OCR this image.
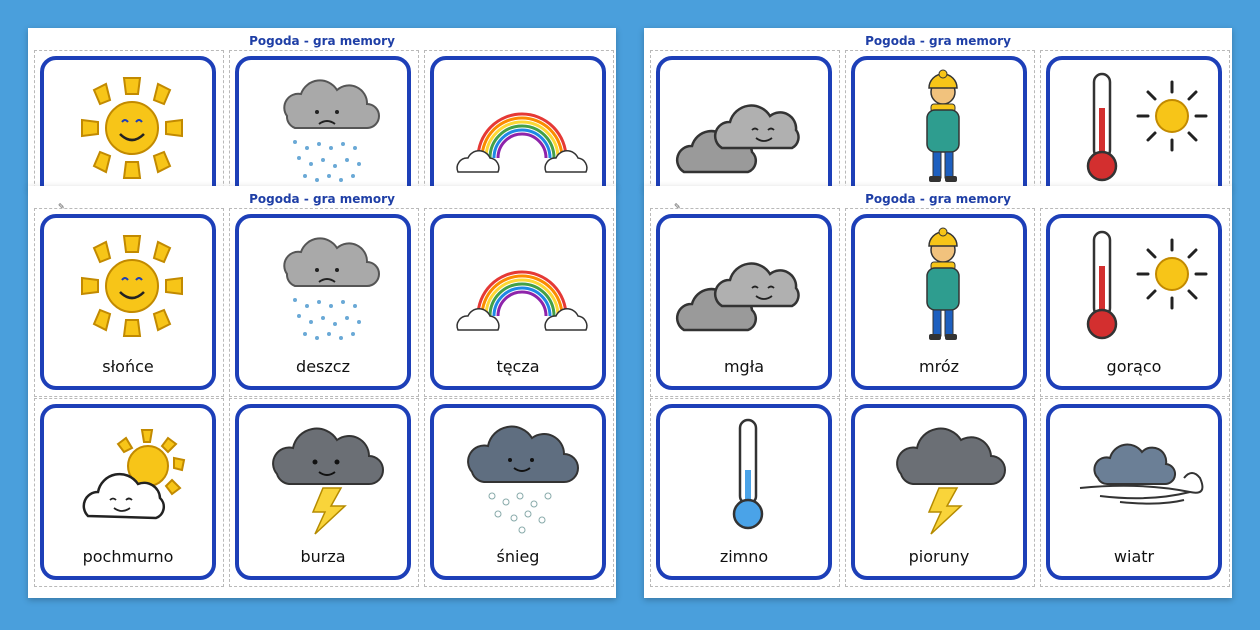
Pogoda - gra memory	Pogoda - gra memory
Pogoda - gra memory
✎
słońce	deszcz	tęcza
pochmurno	burza	śnieg
Pogoda - gra memory
✎
mgła	mróz	gorąco
zimno	pioruny	wiatr
